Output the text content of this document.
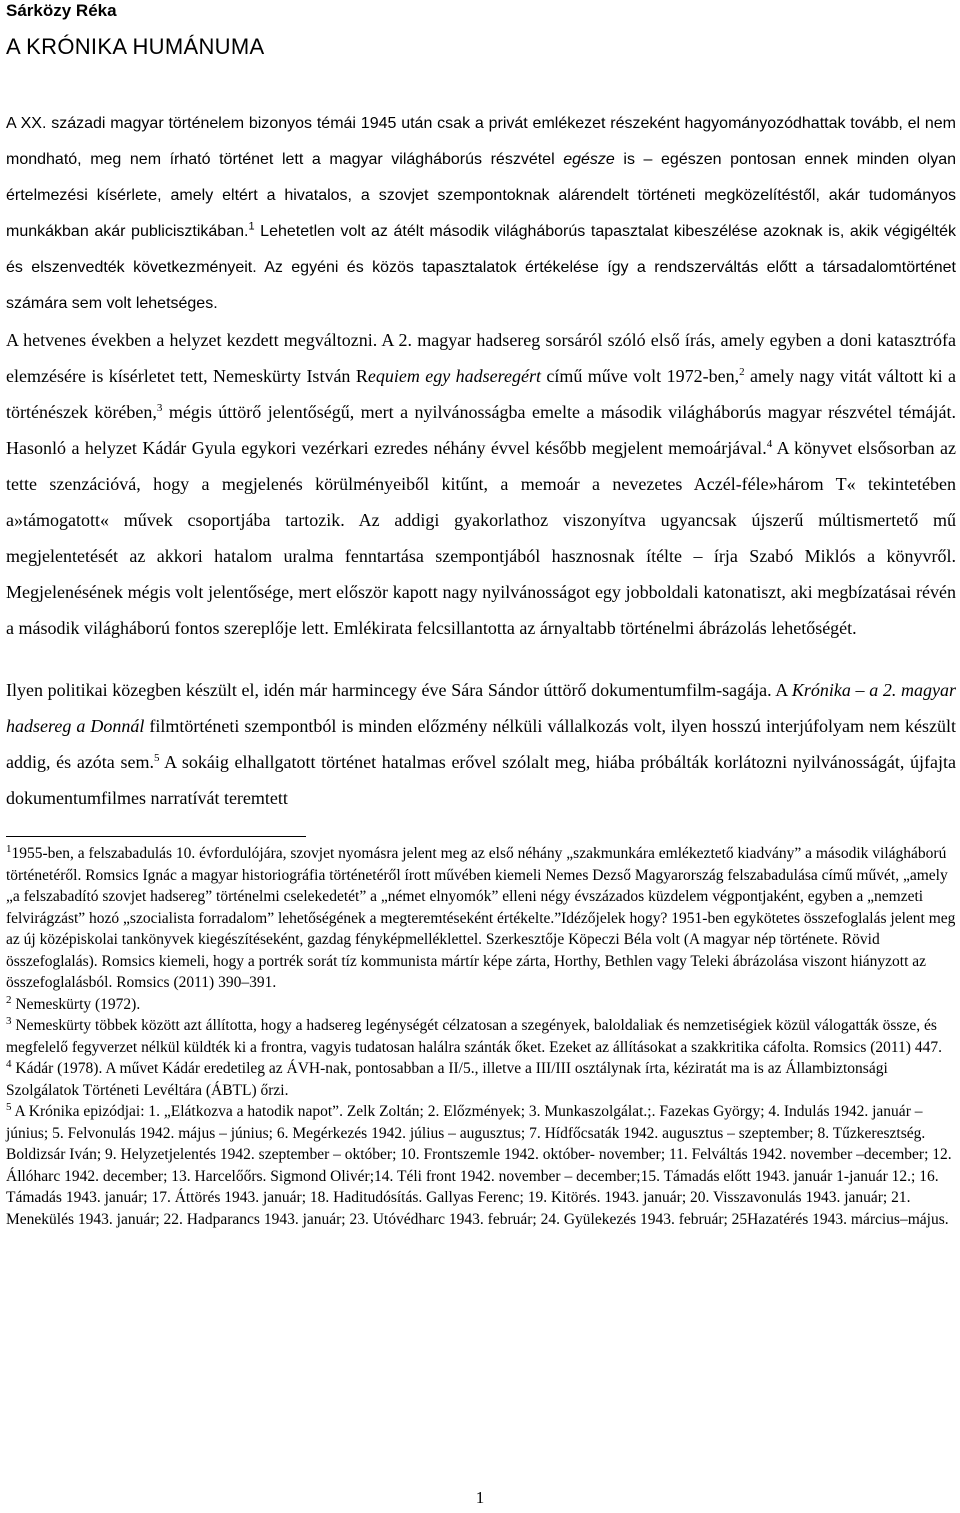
Sárközy Réka

A KRÓNIKA HUMÁNUMA

A XX. századi magyar történelem bizonyos témái 1945 után csak a privát emlékezet részeként hagyományozódhattak tovább, el nem mondható, meg nem írható történet lett a magyar világháborús részvétel egésze is – egészen pontosan ennek minden olyan értelmezési kísérlete, amely eltért a hivatalos, a szovjet szempontoknak alárendelt történeti megközelítéstől, akár tudományos munkákban akár publicisztikában.$^1$ Lehetetlen volt az átélt második világháborús tapasztalat kibeszélése azoknak is, akik végigélték és elszenvedték következményeit. Az egyéni és közös tapasztalatok értékelése így a rendszerváltás előtt a társadalomtörténet számára sem volt lehetséges.

A hetvenes években a helyzet kezdett megváltozni. A 2. magyar hadsereg sorsáról szóló első írás, amely egyben a doni katasztrófa elemzésére is kísérletet tett, Nemeskürty István Requiem egy hadseregért című műve volt 1972-ben,$^2$ amely nagy vitát váltott ki a történészek körében,$^3$ mégis úttörő jelentőségű, mert a nyilvánosságba emelte a második világháborús magyar részvétel témáját. Hasonló a helyzet Kádár Gyula egykori vezérkari ezredes néhány évvel később megjelent memoárjával.$^4$ A könyvet elsősorban az tette szenzációvá, hogy a megjelenés körülményeiből kitűnt, a memoár a nevezetes Aczél-féle»három T« tekintetében a»támogatott« művek csoportjába tartozik. Az addigi gyakorlathoz viszonyítva ugyancsak újszerű múltismertető mű megjelentetését az akkori hatalom uralma fenntartása szempontjából hasznosnak ítélte – írja Szabó Miklós a könyvről. Megjelenésének mégis volt jelentősége, mert először kapott nagy nyilvánosságot egy jobboldali katonatiszt, aki megbízatásai révén a második világháború fontos szereplője lett. Emlékirata felcsillantotta az árnyaltabb történelmi ábrázolás lehetőségét.

Ilyen politikai közegben készült el, idén már harmincegy éve Sára Sándor úttörő dokumentumfilm-sagája. A Krónika – a 2. magyar hadsereg a Donnál filmtörténeti szempontból is minden előzmény nélküli vállalkozás volt, ilyen hosszú interjúfolyam nem készült addig, és azóta sem.$^5$ A sokáig elhallgatott történet hatalmas erővel szólalt meg, hiába próbálták korlátozni nyilvánosságát, újfajta dokumentumfilmes narratívát teremtett

$^1$1955-ben, a felszabadulás 10. évfordulójára, szovjet nyomásra jelent meg az első néhány „szakmunkára emlékeztető kiadvány” a második világháború történetéről. Romsics Ignác a magyar historiográfia történetéről írott művében kiemeli Nemes Dezső Magyarország felszabadulása című művét, „amely „a felszabadító szovjet hadsereg” történelmi cselekedetét” a „német elnyomók” elleni négy évszázados küzdelem végpontjaként, egyben a „nemzeti felvirágzást” hozó „szocialista forradalom” lehetőségének a megteremtéseként értékelte.”Idézőjelek hogy? 1951-ben egykötetes összefoglalás jelent meg az új középiskolai tankönyvek kiegészítéseként, gazdag fényképmelléklettel. Szerkesztője Köpeczi Béla volt (A magyar nép története. Rövid összefoglalás). Romsics kiemeli, hogy a portrék sorát tíz kommunista mártír képe zárta, Horthy, Bethlen vagy Teleki ábrázolása viszont hiányzott az összefoglalásból. Romsics (2011) 390–391.

$^2$ Nemeskürty (1972).

$^3$ Nemeskürty többek között azt állította, hogy a hadsereg legénységét célzatosan a szegények, baloldaliak és nemzetiségiek közül válogatták össze, és megfelelő fegyverzet nélkül küldték ki a frontra, vagyis tudatosan halálra szánták őket. Ezeket az állításokat a szakkritika cáfolta. Romsics (2011) 447.

$^4$ Kádár (1978). A művet Kádár eredetileg az ÁVH-nak, pontosabban a II/5., illetve a III/III osztálynak írta, kéziratát ma is az Állambiztonsági Szolgálatok Történeti Levéltára (ÁBTL) őrzi.

$^5$ A Krónika epizódjai: 1. „Elátkozva a hatodik napot”. Zelk Zoltán; 2. Előzmények; 3. Munkaszolgálat.;. Fazekas György; 4. Indulás 1942. január – június; 5. Felvonulás 1942. május – június; 6. Megérkezés 1942. július – augusztus; 7. Hídfőcsaták 1942. augusztus – szeptember; 8. Tűzkeresztség. Boldizsár Iván; 9. Helyzetjelentés 1942. szeptember – október; 10. Frontszemle 1942. október- november; 11. Felváltás 1942. november –december; 12. Állóharc 1942. december; 13. Harcelőőrs. Sigmond Olivér;14. Téli front 1942. november – december;15. Támadás előtt 1943. január 1-január 12.; 16. Támadás 1943. január; 17. Áttörés 1943. január; 18. Haditudósítás. Gallyas Ferenc; 19. Kitörés. 1943. január; 20. Visszavonulás 1943. január; 21. Menekülés 1943. január; 22. Hadparancs 1943. január; 23. Utóvédharc 1943. február; 24. Gyülekezés 1943. február; 25Hazatérés 1943. március–május.

1
